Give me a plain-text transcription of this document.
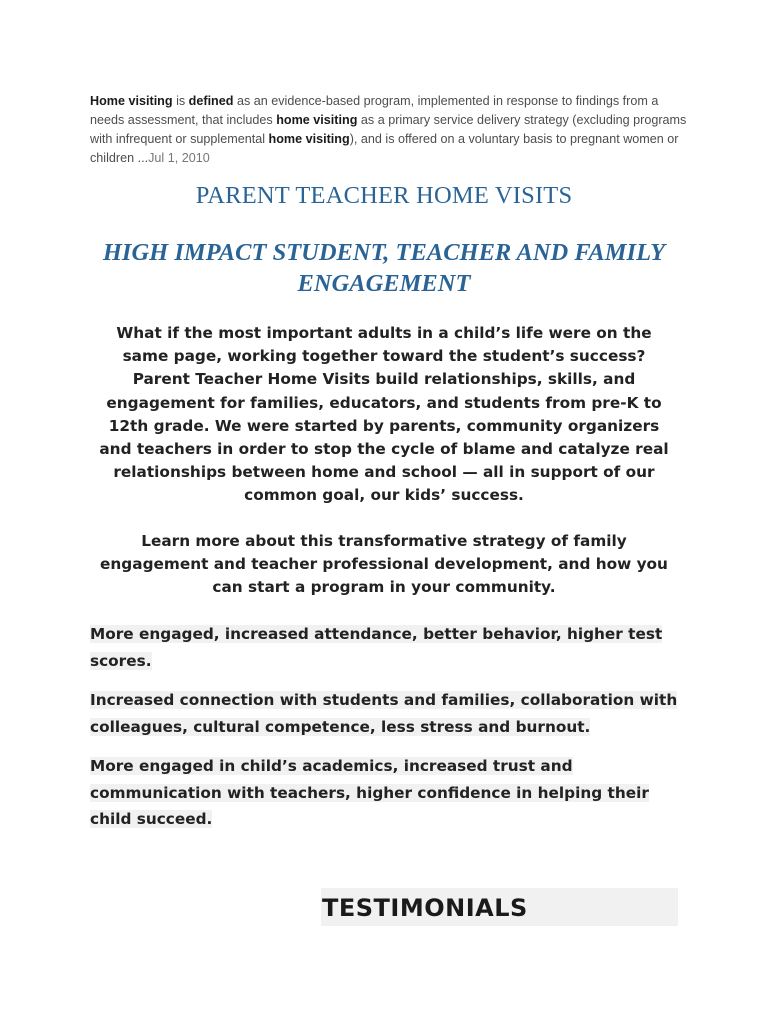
Home visiting is defined as an evidence-based program, implemented in response to findings from a needs assessment, that includes home visiting as a primary service delivery strategy (excluding programs with infrequent or supplemental home visiting), and is offered on a voluntary basis to pregnant women or children ...Jul 1, 2010
PARENT TEACHER HOME VISITS
HIGH IMPACT STUDENT, TEACHER AND FAMILY ENGAGEMENT
What if the most important adults in a child’s life were on the same page, working together toward the student’s success? Parent Teacher Home Visits build relationships, skills, and engagement for families, educators, and students from pre-K to 12th grade. We were started by parents, community organizers and teachers in order to stop the cycle of blame and catalyze real relationships between home and school — all in support of our common goal, our kids’ success.
Learn more about this transformative strategy of family engagement and teacher professional development, and how you can start a program in your community.
More engaged, increased attendance, better behavior, higher test scores.
Increased connection with students and families, collaboration with colleagues, cultural competence, less stress and burnout.
More engaged in child’s academics, increased trust and communication with teachers, higher confidence in helping their child succeed.
TESTIMONIALS
